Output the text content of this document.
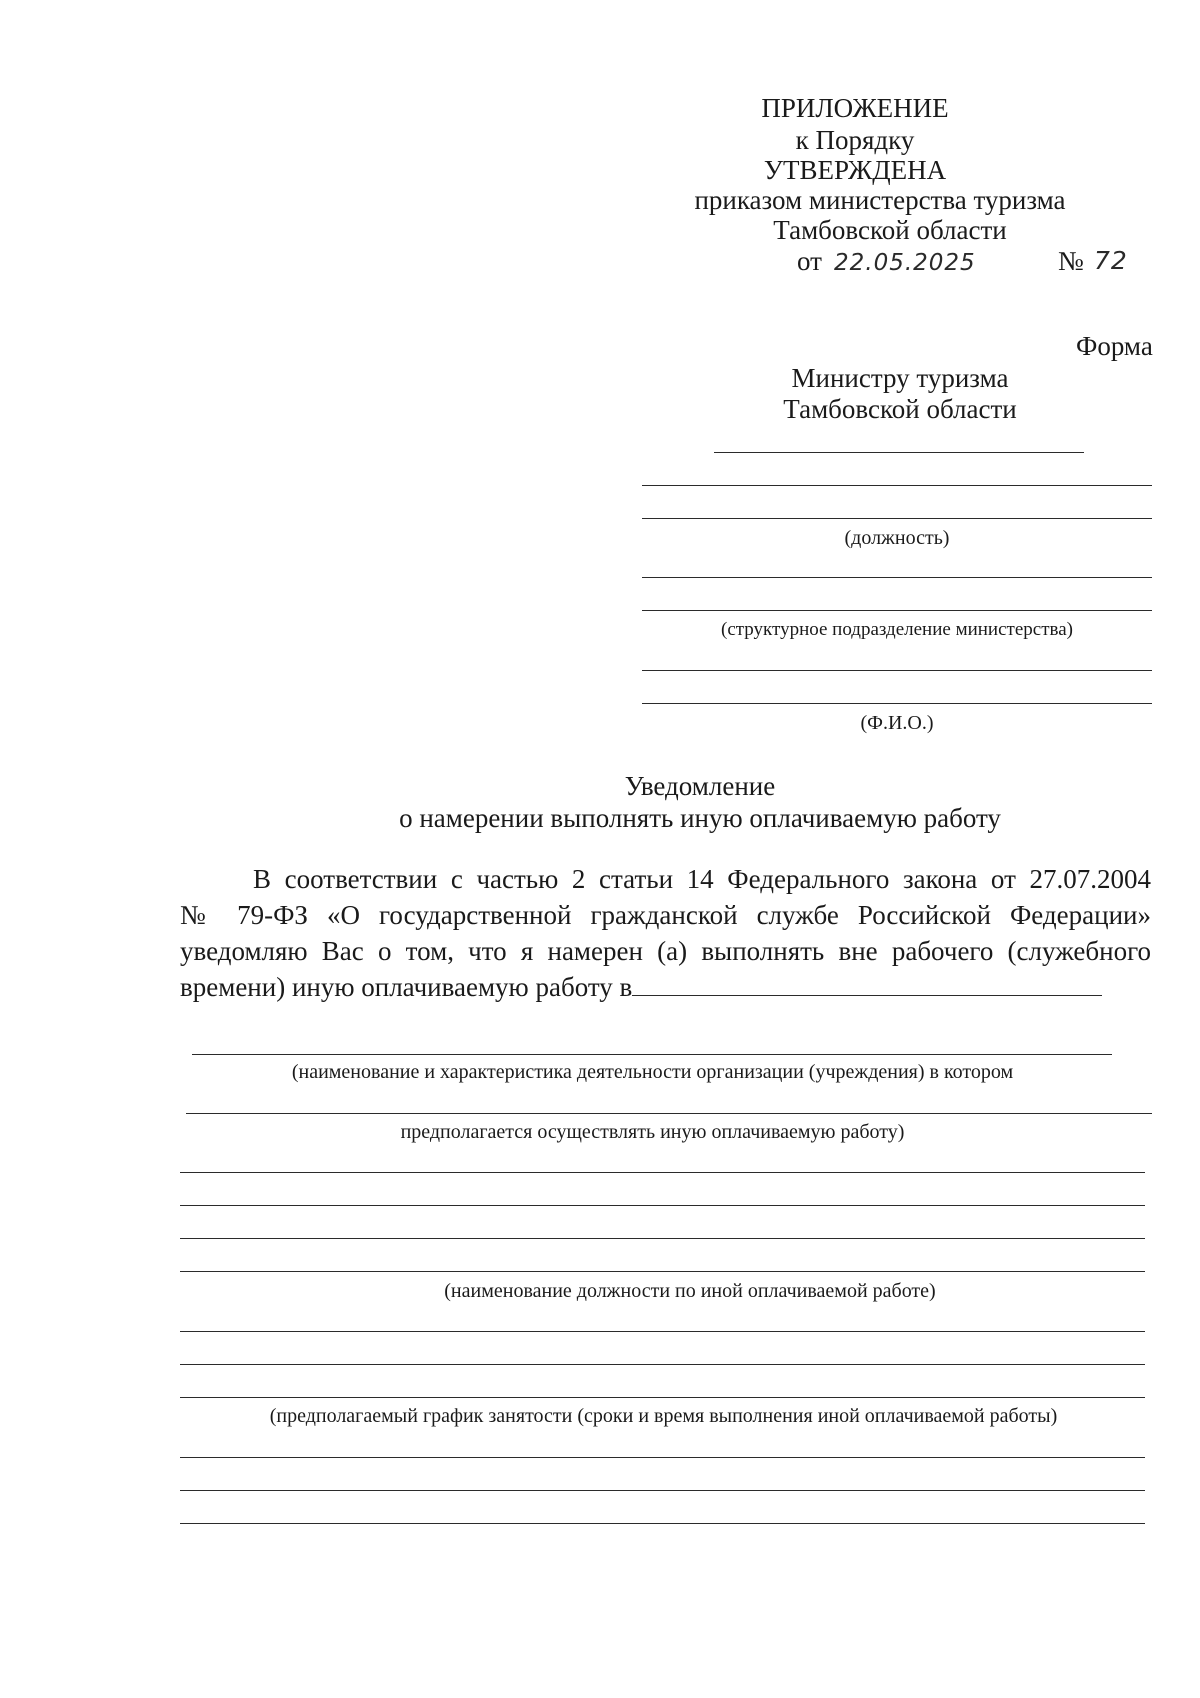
ПРИЛОЖЕНИЕ
к Порядку
УТВЕРЖДЕНА
приказом министерства туризма
Тамбовской области
от 22.05.2025	№ 72
Форма
Министру туризма
Тамбовской области
(должность)
(структурное подразделение министерства)
(Ф.И.О.)
Уведомление
о намерении выполнять иную оплачиваемую работу
В соответствии с частью 2 статьи 14 Федерального закона от 27.07.2004
№ 79-ФЗ «О государственной гражданской службе Российской Федерации»
уведомляю Вас о том, что я намерен (а) выполнять вне рабочего (служебного
времени) иную оплачиваемую работу в
(наименование и характеристика деятельности организации (учреждения) в котором
предполагается осуществлять иную оплачиваемую работу)
(наименование должности по иной оплачиваемой работе)
(предполагаемый график занятости (сроки и время выполнения иной оплачиваемой работы)
